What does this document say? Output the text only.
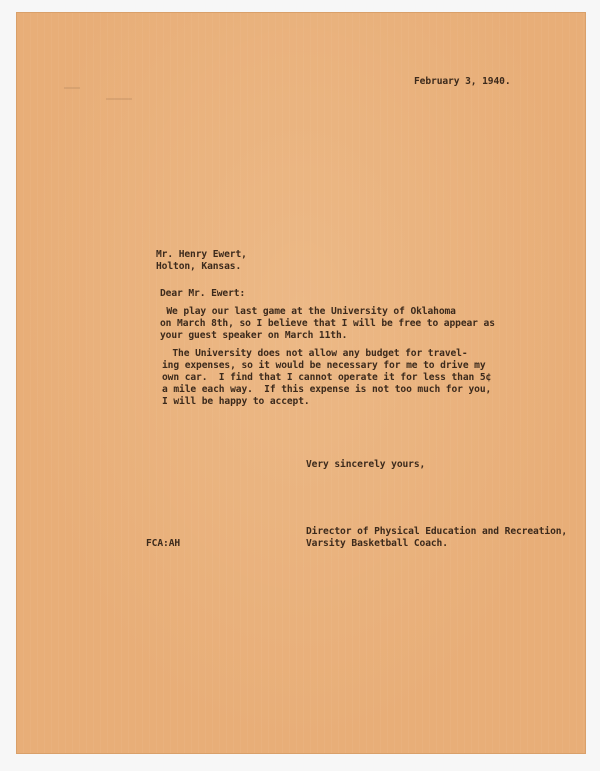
February 3, 1940.
Mr. Henry Ewert,
Holton, Kansas.
Dear Mr. Ewert:
We play our last game at the University of Oklahoma
on March 8th, so I believe that I will be free to appear as
your guest speaker on March 11th.
The University does not allow any budget for travel-
ing expenses, so it would be necessary for me to drive my
own car.  I find that I cannot operate it for less than 5¢
a mile each way.  If this expense is not too much for you,
I will be happy to accept.
Very sincerely yours,
FCA:AH
Director of Physical Education and Recreation,
Varsity Basketball Coach.
